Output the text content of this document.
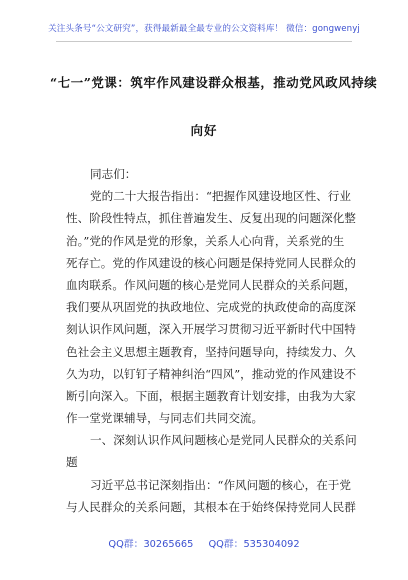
关注头条号“公文研究”，获得最新最全最专业的公文资料库！ 微信：gongwenyj
“七一”党课：筑牢作风建设群众根基，推动党风政风持续
向好
同志们：
党的二十大报告指出：“把握作风建设地区性、行业
性、阶段性特点，抓住普遍发生、反复出现的问题深化整
治。”党的作风是党的形象，关系人心向背，关系党的生
死存亡。党的作风建设的核心问题是保持党同人民群众的
血肉联系。作风问题的核心是党同人民群众的关系问题，
我们要从巩固党的执政地位、完成党的执政使命的高度深
刻认识作风问题，深入开展学习贯彻习近平新时代中国特
色社会主义思想主题教育，坚持问题导向，持续发力、久
久为功，以钉钉子精神纠治“四风”，推动党的作风建设不
断引向深入。下面，根据主题教育计划安排，由我为大家
作一堂党课辅导，与同志们共同交流。
一、深刻认识作风问题核心是党同人民群众的关系问
题
习近平总书记深刻指出：“作风问题的核心，在于党
与人民群众的关系问题，其根本在于始终保持党同人民群
QQ群：30265665 QQ群：535304092
